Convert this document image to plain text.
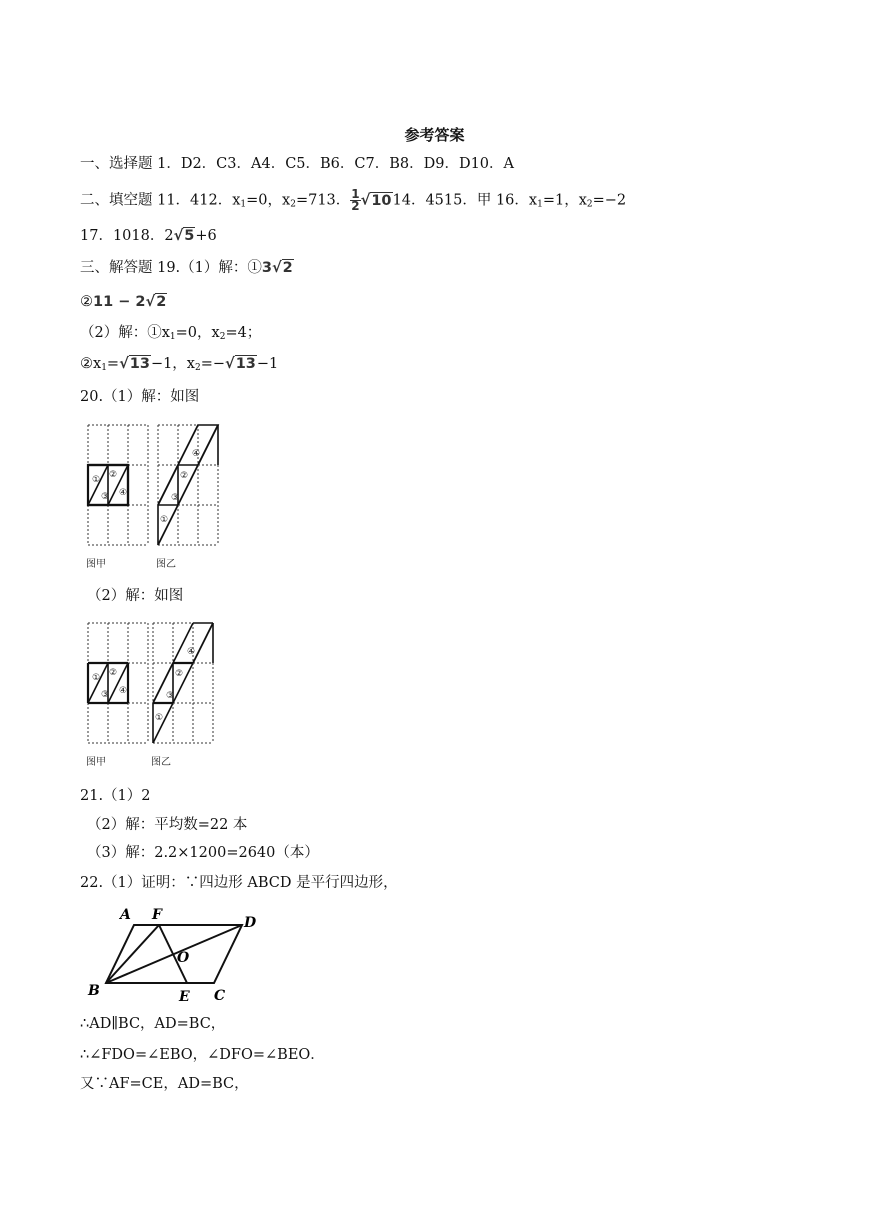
参考答案
一、选择题 1．D2．C3．A4．C5．B6．C7．B8．D9．D10．A
二、填空题 11．412．$x_1=0$，$x_2=713$． $\frac{1}{2} √1014$．4515．甲 16．$x_1=1$，$x_2=-2$
17．1018．2√5+6
三、解答题 19.（1）解：①3√2
②11 − 2√2
（2）解：$①x_1=0$，$x_2=4$；
$②x_1=√13-1$，$x_2=-√13-1$
20.（1）解：如图
① ②
③ ④
④
②
③
①
图甲	图乙
（2）解：如图
① ②
③ ④
④
②
③
①
图甲	图乙
21.（1）2
（2）解：平均数=22 本
（3）解：2.2×1200=2640（本）
22.（1）证明：∵四边形 ABCD 是平行四边形，
A F	D
O
B	E C
∴AD∥BC，AD=BC，
∴∠FDO=∠EBO，∠DFO=∠BEO．
又∵AF=CE，AD=BC，
